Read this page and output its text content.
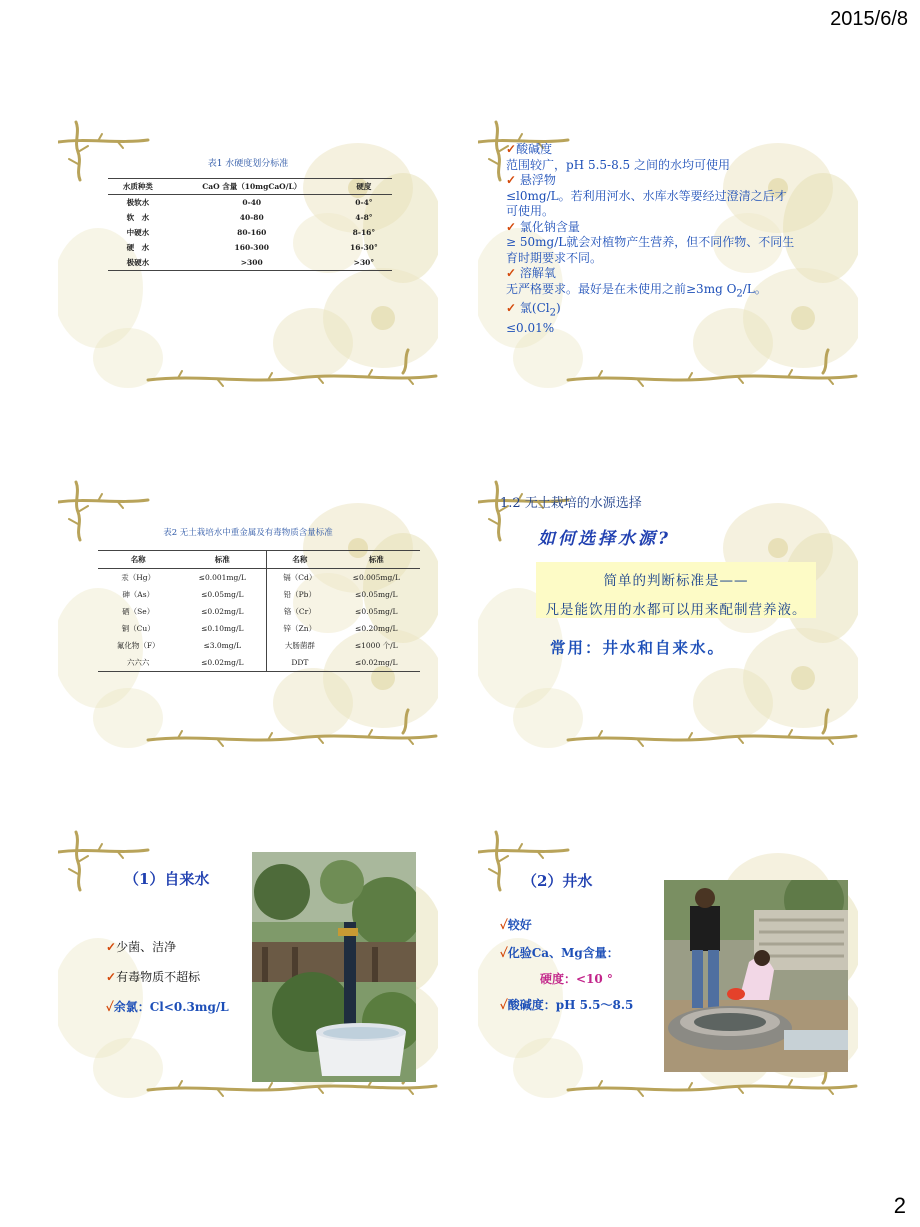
2015/6/8
2
表1 水硬度划分标准
水质种类	CaO 含量（10mgCaO/L）	硬度
极软水	0-40	0-4°
软　水	40-80	4-8°
中硬水	80-160	8-16°
硬　水	160-300	16-30°
极硬水	>300	>30°
✓酸碱度
范围较广，pH 5.5-8.5 之间的水均可使用
✓ 悬浮物
≤l0mg/L。若利用河水、水库水等要经过澄清之后才
可使用。
✓ 氯化钠含量
≥ 50mg/L就会对植物产生营养，但不同作物、不同生
育时期要求不同。
✓ 溶解氧
无严格要求。最好是在未使用之前≥3mg $O_2/L$。
✓ 氯$(Cl_2)$
≤0.01%
表2 无土栽培水中重金属及有毒物质含量标准
名称	标准	名称	标准
汞（Hg）	≤0.001mg/L	镉（Cd）	≤0.005mg/L
砷（As）	≤0.05mg/L	铅（Pb）	≤0.05mg/L
硒（Se）	≤0.02mg/L	铬（Cr）	≤0.05mg/L
铜（Cu）	≤0.10mg/L	锌（Zn）	≤0.20mg/L
氟化物（F）	≤3.0mg/L	大肠菌群	≤1000 个/L
六六六	≤0.02mg/L	DDT	≤0.02mg/L
1.2 无土栽培的水源选择
如何选择水源?
简单的判断标准是——
凡是能饮用的水都可以用来配制营养液。
常用：井水和自来水。
（1）自来水
✓少菌、洁净
✓有毒物质不超标
✓余氯：Cl<0.3mg/L
（2）井水
✓较好
✓化验Ca、Mg含量：
硬度：<10 °
✓酸碱度：pH 5.5～8.5
